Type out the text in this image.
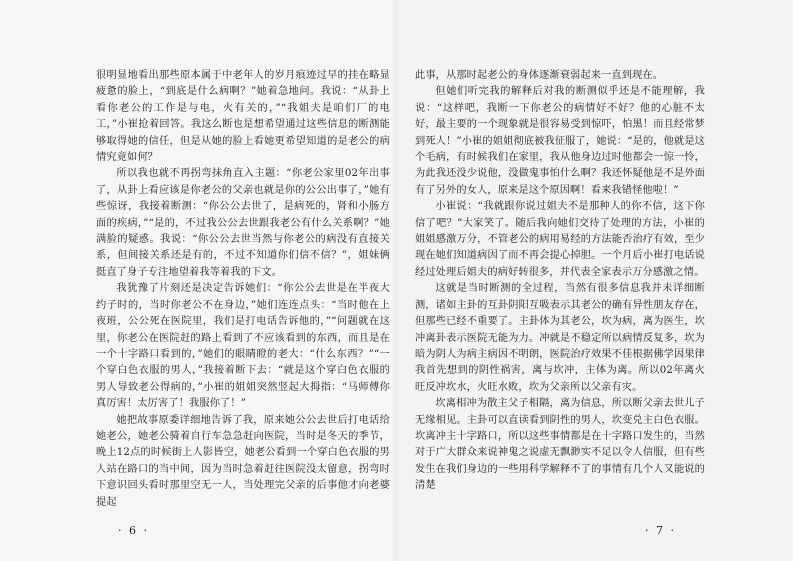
很明显地看出那些原本属于中老年人的岁月痕迹过早的挂在略显疲惫的脸上，“到底是什么病啊？”她着急地问。我说：“从卦上看你老公的工作是与电，火有关的，”“我姐夫是咱们厂的电工，”小崔抢着回答。我这么断也是想希望通过这些信息的断测能够取得她的信任，但是从她的脸上看她更希望知道的是老公的病情究竟如何？

所以我也就不再拐弯抹角直入主题：“你老公家里02年出事了，从卦上看应该是你老公的父亲也就是你的公公出事了，”她有些惊讶，我接着断测：“你公公去世了，是病死的，肾和小肠方面的疾病，”“是的，不过我公公去世跟我老公有什么关系啊？”她满脸的疑惑。我说：“你公公去世当然与你老公的病没有直接关系，但间接关系还是有的，不过不知道你们信不信？”，姐妹俩挺直了身子专注地望着我等着我的下文。

我犹豫了片刻还是决定告诉她们：“你公公去世是在半夜大约子时的，当时你老公不在身边，”她们连连点头：“当时他在上夜班，公公死在医院里，我们是打电话告诉他的，”“问题就在这里，你老公在医院赶的路上看到了不应该看到的东西，而且是在一个十字路口看到的，”她们的眼睛瞪的老大：“什么东西？”“一个穿白色衣服的男人，”我接着断下去：“就是这个穿白色衣服的男人导致老公得病的，”小崔的姐姐突然竖起大拇指：“马师傅你真厉害！太厉害了！我服你了！”

她把故事原委详细地告诉了我，原来她公公去世后打电话给她老公，她老公骑着自行车急急赶向医院，当时是冬天的季节，晚上12点的时候街上人影皆空，她老公看到一个穿白色衣服的男人站在路口的当中间，因为当时急着赶往医院没太留意，拐弯时下意识回头看时那里空无一人，当处理完父亲的后事他才向老婆提起

· 6 ·

此事，从那时起老公的身体逐渐衰弱起来一直到现在。

但她们听完我的解释后对我的断测似乎还是不能理解，我说：“这样吧，我断一下你老公的病情好不好？他的心脏不太好，最主要的一个现象就是很容易受到惊吓，怕黑！而且经常梦到死人！”小崔的姐姐彻底被我征服了，她说：“是的，他就是这个毛病，有时候我们在家里，我从他身边过时他都会一惊一怜，为此我还没少说他，没做鬼事怕什么啊？我还怀疑他是不是外面有了另外的女人，原来是这个原因啊！看来我错怪他啦！”

小崔说：“我就跟你说过姐夫不是那种人的你不信，这下你信了吧？”大家笑了。随后我向她们交待了处理的方法，小崔的姐姐感激万分，不管老公的病用易经的方法能否治疗有效，至少现在她们知道病因了而不再会提心掉胆。一个月后小崔打电话说经过处理后姐夫的病好转很多，并代表全家表示万分感激之情。

这就是当时断测的全过程，当然有很多信息我并未详细断测，诸如主卦的互卦阴阳互吸表示其老公的确有异性朋友存在，但那些已经不重要了。主卦体为其老公，坎为病，离为医生，坎冲离卦表示医院无能为力。冲就是不稳定所以病情反复多，坎为暗为阴人为病主病因不明朗，医院治疗效果不佳根据佛学因果律我首先想到的阴性祸害，离与坎冲，主体为离。所以02年离火旺反冲坎水，火旺水败，坎为父亲所以父亲有灾。

坎离相冲为散主父子相隔，离为信息，所以断父亲去世儿子无缘相见。主卦可以直读看到阴性的男人，坎变兑主白色衣服。坎离冲主十字路口，所以这些事情都是在十字路口发生的，当然对于广大群众来说神鬼之说虚无飘渺实不足以令人信服，但有些发生在我们身边的一些用科学解释不了的事情有几个人又能说的清楚

· 7 ·
